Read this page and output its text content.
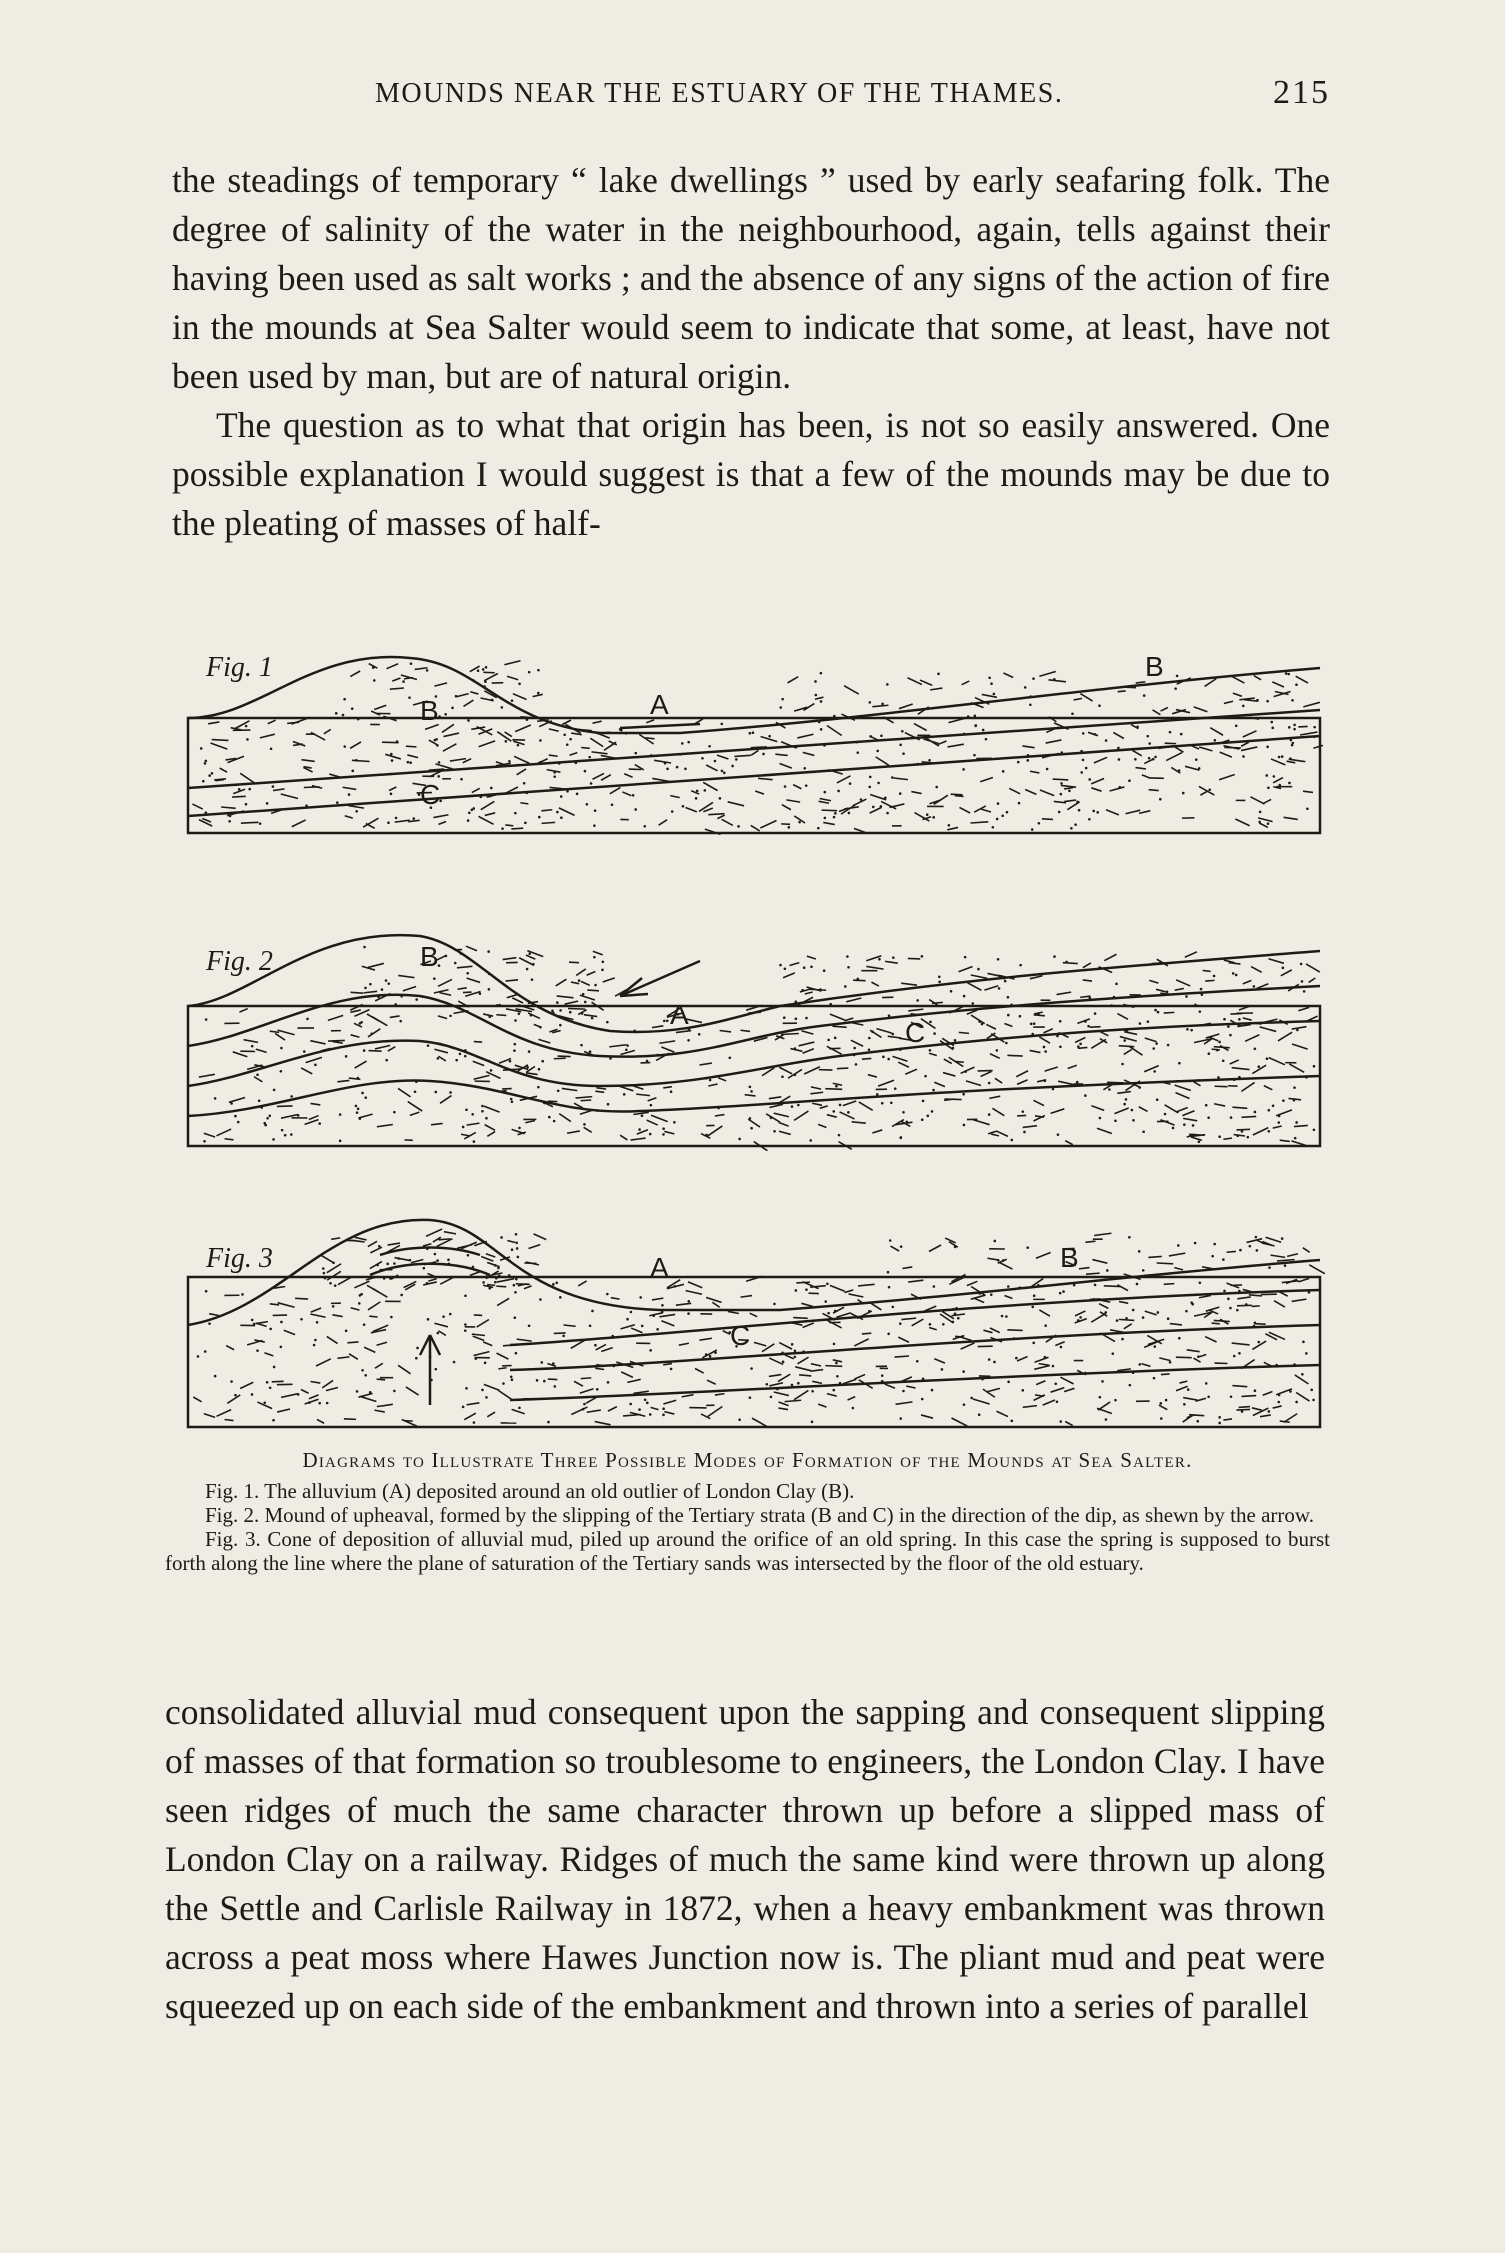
MOUNDS NEAR THE ESTUARY OF THE THAMES.	215

the steadings of temporary “ lake dwellings ” used by early seafaring folk. The degree of salinity of the water in the neighbourhood, again, tells against their having been used as salt works ; and the absence of any signs of the action of fire in the mounds at Sea Salter would seem to indicate that some, at least, have not been used by man, but are of natural origin.

The question as to what that origin has been, is not so easily answered. One possible explanation I would suggest is that a few of the mounds may be due to the pleating of masses of half-

Fig. 1
B	A
B
C
Fig. 2	B
A
C
Fig. 3	A	B
C

Diagrams to Illustrate Three Possible Modes of Formation of the Mounds at Sea Salter.

Fig. 1. The alluvium (A) deposited around an old outlier of London Clay (B).

Fig. 2. Mound of upheaval, formed by the slipping of the Tertiary strata (B and C) in the direction of the dip, as shewn by the arrow.

Fig. 3. Cone of deposition of alluvial mud, piled up around the orifice of an old spring. In this case the spring is supposed to burst forth along the line where the plane of saturation of the Tertiary sands was intersected by the floor of the old estuary.

consolidated alluvial mud consequent upon the sapping and consequent slipping of masses of that formation so troublesome to engineers, the London Clay. I have seen ridges of much the same character thrown up before a slipped mass of London Clay on a railway. Ridges of much the same kind were thrown up along the Settle and Carlisle Railway in 1872, when a heavy embankment was thrown across a peat moss where Hawes Junction now is. The pliant mud and peat were squeezed up on each side of the embankment and thrown into a series of parallel
